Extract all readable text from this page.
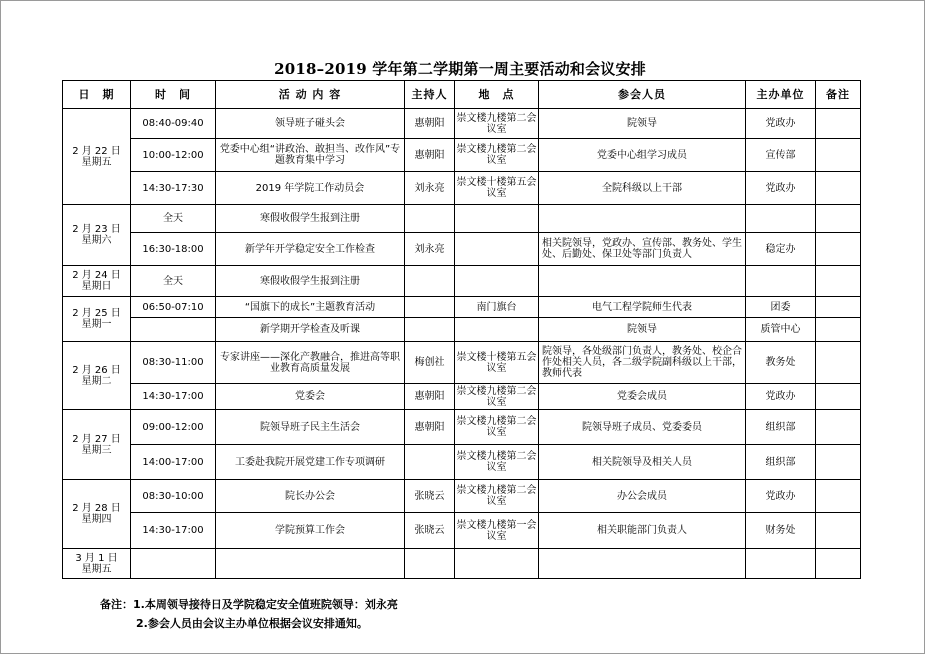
2018–2019 学年第二学期第一周主要活动和会议安排
日　期	时　间	活 动 内 容	主持人	地　点	参会人员	主办单位	备注
2 月 22 日
星期五	08:40-09:40	领导班子碰头会	惠朝阳	崇文楼九楼第二会议室	院领导	党政办	
	10:00-12:00	党委中心组“讲政治、敢担当、改作风”专题教育集中学习	惠朝阳	崇文楼九楼第二会议室	党委中心组学习成员	宣传部	
	14:30-17:30	2019 年学院工作动员会	刘永亮	崇文楼十楼第五会议室	全院科级以上干部	党政办	
2 月 23 日
星期六	全天	寒假收假学生报到注册					
	16:30-18:00	新学年开学稳定安全工作检查	刘永亮		相关院领导，党政办、宣传部、教务处、学生处、后勤处、保卫处等部门负责人	稳定办	
2 月 24 日
星期日	全天	寒假收假学生报到注册					
2 月 25 日
星期一	06:50-07:10	“国旗下的成长”主题教育活动		南门旗台	电气工程学院师生代表	团委	
		新学期开学检查及听课			院领导	质管中心	
2 月 26 日
星期二	08:30-11:00	专家讲座——深化产教融合，推进高等职业教育高质量发展	梅创社	崇文楼十楼第五会议室	院领导，各处级部门负责人，教务处、校企合作处相关人员，各二级学院副科级以上干部，教师代表	教务处	
	14:30-17:00	党委会	惠朝阳	崇文楼九楼第二会议室	党委会成员	党政办	
2 月 27 日
星期三	09:00-12:00	院领导班子民主生活会	惠朝阳	崇文楼九楼第二会议室	院领导班子成员、党委委员	组织部	
	14:00-17:00	工委赴我院开展党建工作专项调研		崇文楼九楼第二会议室	相关院领导及相关人员	组织部	
2 月 28 日
星期四	08:30-10:00	院长办公会	张晓云	崇文楼九楼第二会议室	办公会成员	党政办	
	14:30-17:00	学院预算工作会	张晓云	崇文楼九楼第一会议室	相关职能部门负责人	财务处	
3 月 1 日
星期五							
备注：1.本周领导接待日及学院稳定安全值班院领导：刘永亮
2.参会人员由会议主办单位根据会议安排通知。
